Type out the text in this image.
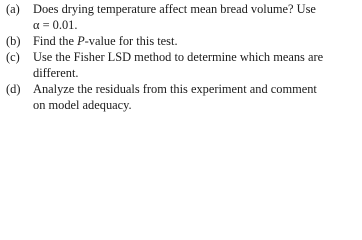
(a)	Does drying temperature affect mean bread volume? Use
α = 0.01.
(b)	Find the P-value for this test.
(c)	Use the Fisher LSD method to determine which means are
different.
(d)	Analyze the residuals from this experiment and comment
on model adequacy.
